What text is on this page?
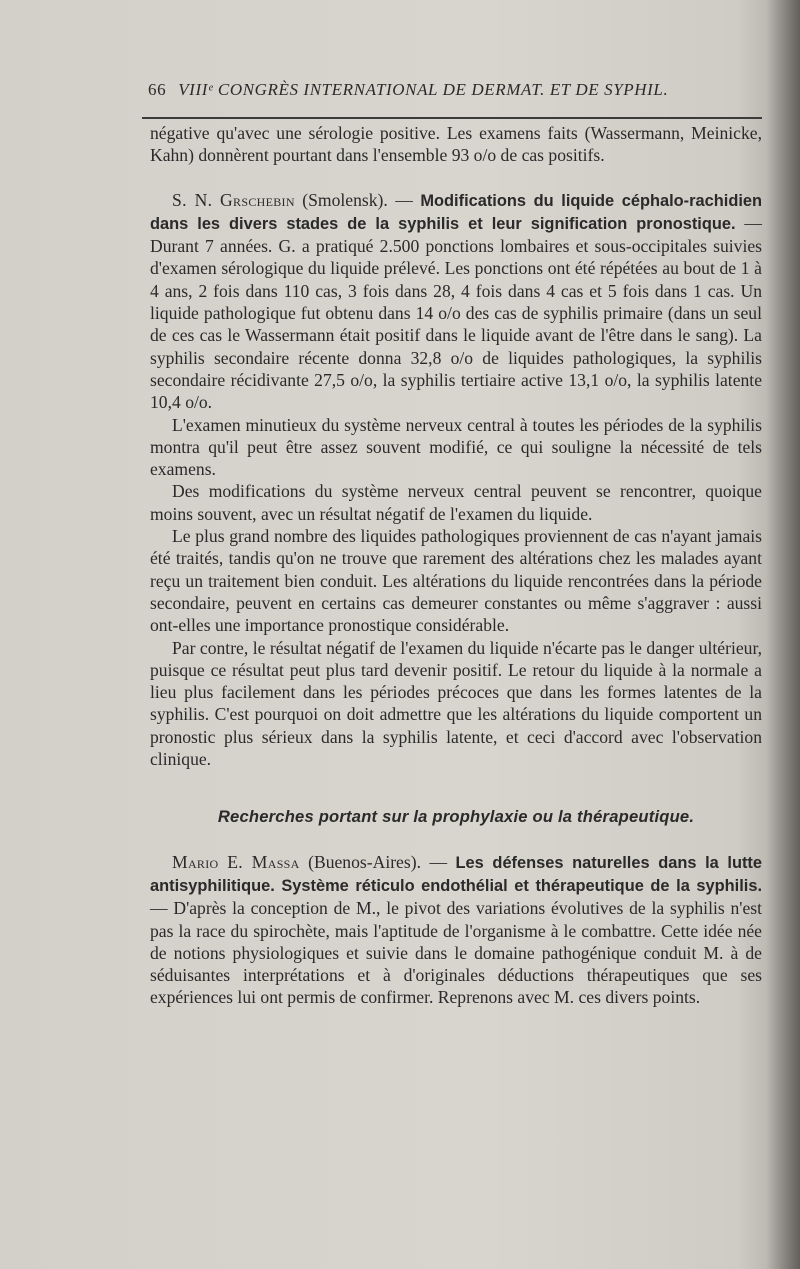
66 VIIIᵉ CONGRÈS INTERNATIONAL DE DERMAT. ET DE SYPHIL.

négative qu'avec une sérologie positive. Les examens faits (Wassermann, Meinicke, Kahn) donnèrent pourtant dans l'ensemble 93 o/o de cas positifs.

S. N. Grschebin (Smolensk). — Modifications du liquide céphalo-rachidien dans les divers stades de la syphilis et leur signification pronostique. — Durant 7 années. G. a pratiqué 2.500 ponctions lombaires et sous-occipitales suivies d'examen sérologique du liquide prélevé. Les ponctions ont été répétées au bout de 1 à 4 ans, 2 fois dans 110 cas, 3 fois dans 28, 4 fois dans 4 cas et 5 fois dans 1 cas. Un liquide pathologique fut obtenu dans 14 o/o des cas de syphilis primaire (dans un seul de ces cas le Wassermann était positif dans le liquide avant de l'être dans le sang). La syphilis secondaire récente donna 32,8 o/o de liquides pathologiques, la syphilis secondaire récidivante 27,5 o/o, la syphilis tertiaire active 13,1 o/o, la syphilis latente 10,4 o/o.

L'examen minutieux du système nerveux central à toutes les périodes de la syphilis montra qu'il peut être assez souvent modifié, ce qui souligne la nécessité de tels examens.

Des modifications du système nerveux central peuvent se rencontrer, quoique moins souvent, avec un résultat négatif de l'examen du liquide.

Le plus grand nombre des liquides pathologiques proviennent de cas n'ayant jamais été traités, tandis qu'on ne trouve que rarement des altérations chez les malades ayant reçu un traitement bien conduit. Les altérations du liquide rencontrées dans la période secondaire, peuvent en certains cas demeurer constantes ou même s'aggraver : aussi ont-elles une importance pronostique considérable.

Par contre, le résultat négatif de l'examen du liquide n'écarte pas le danger ultérieur, puisque ce résultat peut plus tard devenir positif. Le retour du liquide à la normale a lieu plus facilement dans les périodes précoces que dans les formes latentes de la syphilis. C'est pourquoi on doit admettre que les altérations du liquide comportent un pronostic plus sérieux dans la syphilis latente, et ceci d'accord avec l'observation clinique.

Recherches portant sur la prophylaxie ou la thérapeutique.

Mario E. Massa (Buenos-Aires). — Les défenses naturelles dans la lutte antisyphilitique. Système réticulo endothélial et thérapeutique de la syphilis. — D'après la conception de M., le pivot des variations évolutives de la syphilis n'est pas la race du spirochète, mais l'aptitude de l'organisme à le combattre. Cette idée née de notions physiologiques et suivie dans le domaine pathogénique conduit M. à de séduisantes interprétations et à d'originales déductions thérapeutiques que ses expériences lui ont permis de confirmer. Reprenons avec M. ces divers points.
